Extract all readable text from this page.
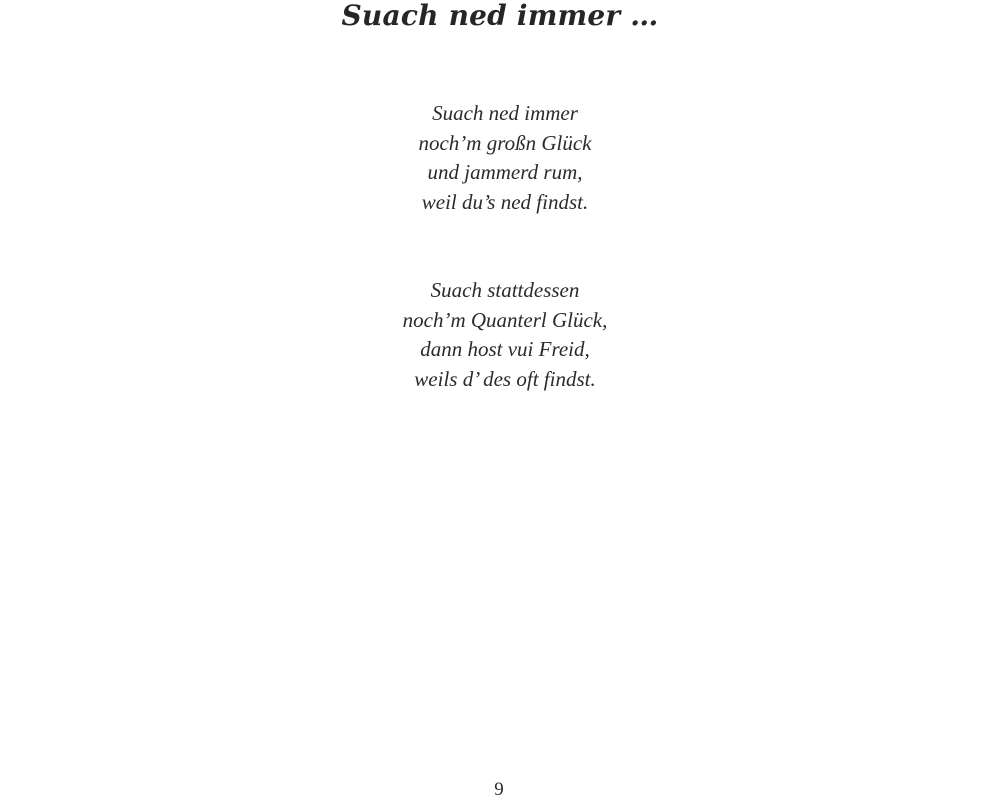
Suach ned immer …
Suach ned immer
noch’m großn Glück
und jammerd rum,
weil du’s ned findst.
Suach stattdessen
noch’m Quanterl Glück,
dann host vui Freid,
weils d’ des oft findst.
9
